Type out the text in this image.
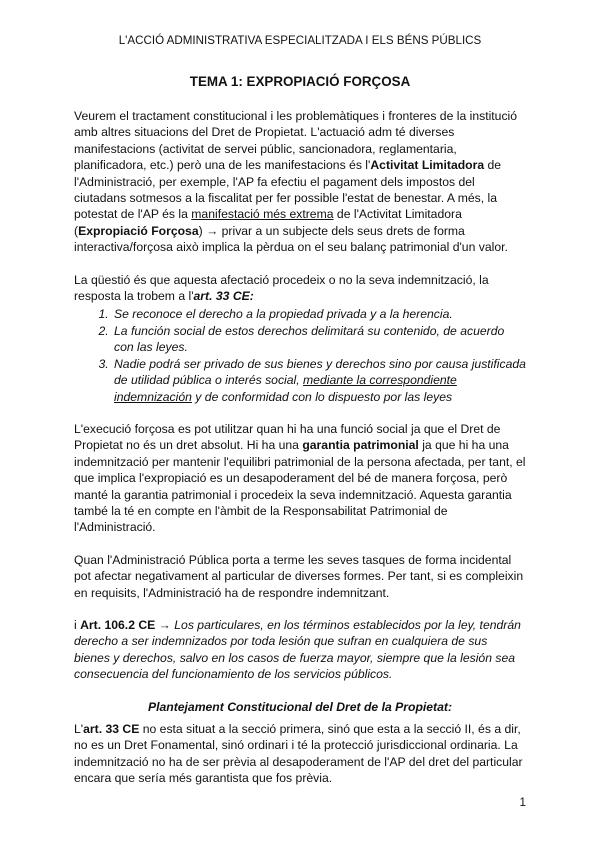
L'ACCIÓ ADMINISTRATIVA ESPECIALITZADA I ELS BÉNS PÚBLICS
TEMA 1: EXPROPIACIÓ FORÇOSA

Veurem el tractament constitucional i les problemàtiques i fronteres de la institució amb altres situacions del Dret de Propietat. L'actuació adm té diverses manifestacions (activitat de servei públic, sancionadora, reglamentaria, planificadora, etc.) però una de les manifestacions és l'Activitat Limitadora de l'Administració, per exemple, l'AP fa efectiu el pagament dels impostos del ciutadans sotmesos a la fiscalitat per fer possible l'estat de benestar. A més, la potestat de l'AP és la manifestació més extrema de l'Activitat Limitadora (Expropiació Forçosa) → privar a un subjecte dels seus drets de forma interactiva/forçosa això implica la pèrdua on el seu balanç patrimonial d'un valor.

La qüestió és que aquesta afectació procedeix o no la seva indemnització, la resposta la trobem a l'art. 33 CE:

1. Se reconoce el derecho a la propiedad privada y a la herencia.
2. La función social de estos derechos delimitará su contenido, de acuerdo con las leyes.
3. Nadie podrá ser privado de sus bienes y derechos sino por causa justificada de utilidad pública o interés social, mediante la correspondiente indemnización y de conformidad con lo dispuesto por las leyes

L'execució forçosa es pot utilitzar quan hi ha una funció social ja que el Dret de Propietat no és un dret absolut. Hi ha una garantia patrimonial ja que hi ha una indemnització per mantenir l'equilibri patrimonial de la persona afectada, per tant, el que implica l'expropiació es un desapoderament del bé de manera forçosa, però manté la garantia patrimonial i procedeix la seva indemnització. Aquesta garantia també la té en compte en l'àmbit de la Responsabilitat Patrimonial de l'Administració.

Quan l'Administració Pública porta a terme les seves tasques de forma incidental pot afectar negativament al particular de diverses formes. Per tant, si es compleixin en requisits, l'Administració ha de respondre indemnitzant.

i Art. 106.2 CE → Los particulares, en los términos establecidos por la ley, tendrán derecho a ser indemnizados por toda lesión que sufran en cualquiera de sus bienes y derechos, salvo en los casos de fuerza mayor, siempre que la lesión sea consecuencia del funcionamiento de los servicios públicos.

Plantejament Constitucional del Dret de la Propietat:

L'art. 33 CE no esta situat a la secció primera, sinó que esta a la secció II, és a dir, no es un Dret Fonamental, sinó ordinari i té la protecció jurisdiccional ordinaria. La indemnització no ha de ser prèvia al desapoderament de l'AP del dret del particular encara que sería més garantista que fos prèvia.

1
